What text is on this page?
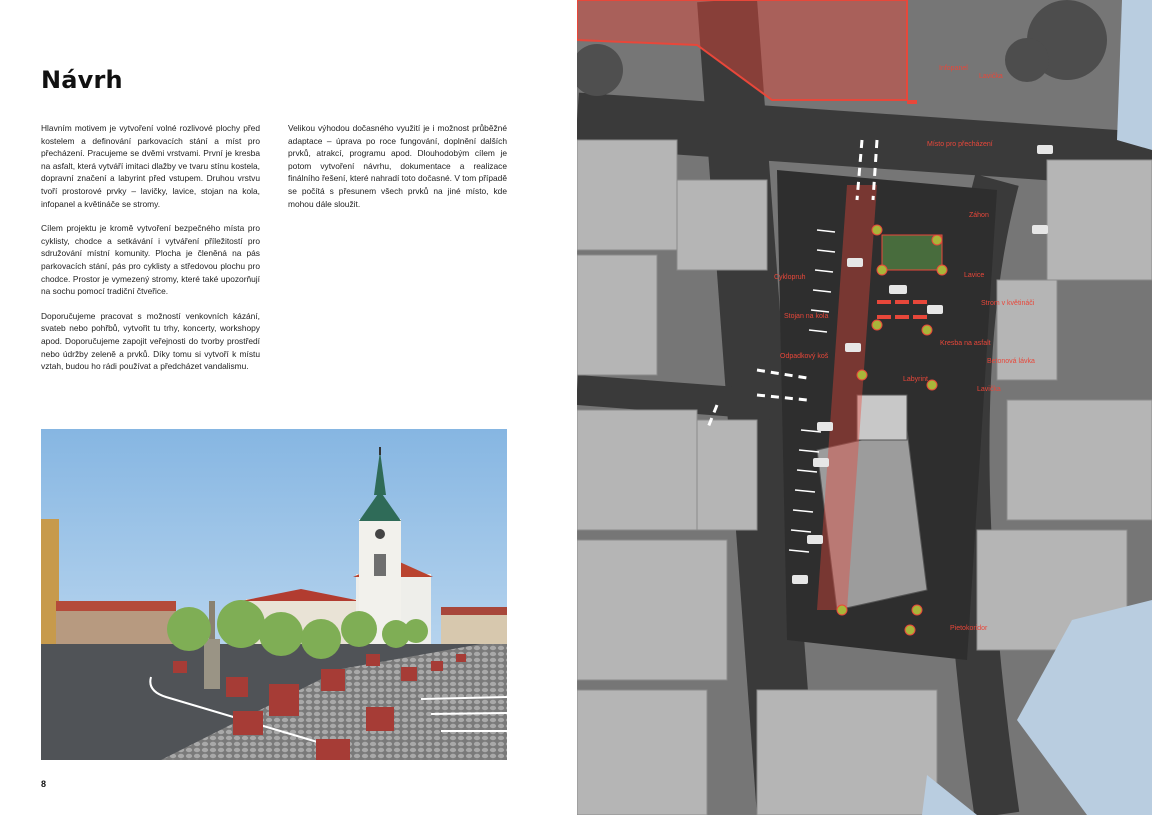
Návrh

Hlavním motivem je vytvoření volné rozlivové plochy před kostelem a definování parkovacích stání a míst pro přecházení. Pracujeme se dvěmi vrstvami. První je kresba na asfalt, která vytváří imitaci dlažby ve tvaru stínu kostela, dopravní značení a labyrint před vstupem. Druhou vrstvu tvoří prostorové prvky – lavičky, lavice, stojan na kola, infopanel a květináče se stromy.

Cílem projektu je kromě vytvoření bezpečného místa pro cyklisty, chodce a setkávání i vytváření příležitostí pro sdružování místní komunity. Plocha je členěná na pás parkovacích stání, pás pro cyklisty a středovou plochu pro chodce. Prostor je vymezený stromy, které také upozorňují na sochu pomocí tradiční čtveřice.

Doporučujeme pracovat s možností venkovních kázání, svateb nebo pohřbů, vytvořit tu trhy, koncerty, workshopy apod. Doporučujeme zapojit veřejnosti do tvorby prostředí nebo údržby zeleně a prvků. Díky tomu si vytvoří k místu vztah, budou ho rádi používat a předcházet vandalismu.

Velikou výhodou dočasného využití je i možnost průběžné adaptace – úprava po roce fungování, doplnění dalších prvků, atrakcí, programu apod. Dlouhodobým cílem je potom vytvoření návrhu, dokumentace a realizace finálního řešení, které nahradí toto dočasné. V tom případě se počítá s přesunem všech prvků na jiné místo, kde mohou dále sloužit.

8
Infopanel
Lavička
Místo pro přecházení
Záhon
Lavice
Cyklopruh
Strom v květináči
Stojan na kola
Kresba na asfalt
Odpadkový koš
Betonová lávka
Lavička
Labyrint
Pietokoridor
